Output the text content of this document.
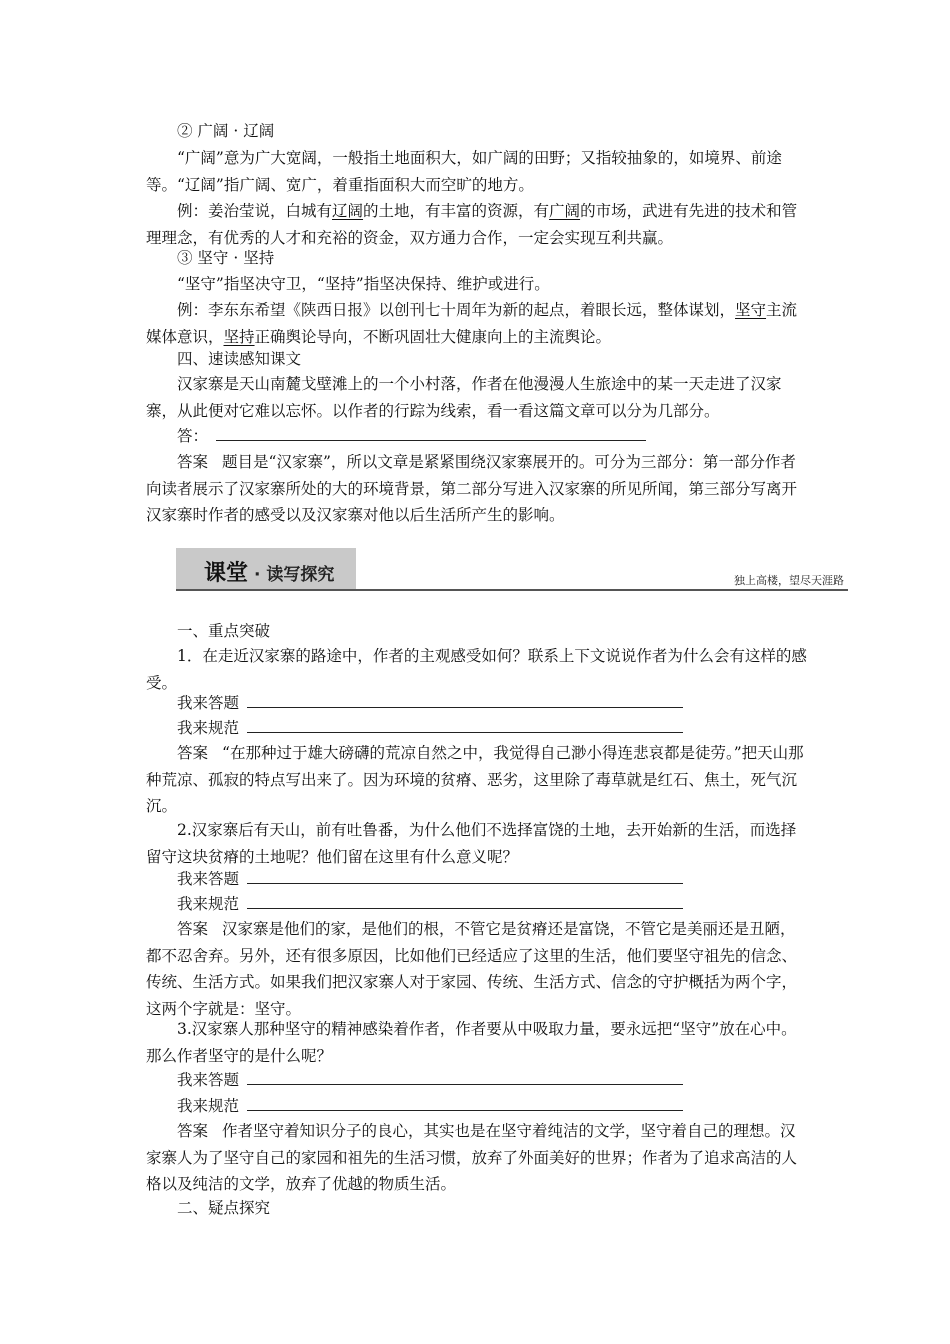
② 广阔 · 辽阔

“广阔”意为广大宽阔，一般指土地面积大，如广阔的田野；又指较抽象的，如境界、前途等。“辽阔”指广阔、宽广，着重指面积大而空旷的地方。

例：姜治莹说，白城有辽阔的土地，有丰富的资源，有广阔的市场，武进有先进的技术和管理理念，有优秀的人才和充裕的资金，双方通力合作，一定会实现互利共赢。

③ 坚守 · 坚持

“坚守”指坚决守卫，“坚持”指坚决保持、维护或进行。

例：李东东希望《陕西日报》以创刊七十周年为新的起点，着眼长远，整体谋划，坚守主流媒体意识，坚持正确舆论导向，不断巩固壮大健康向上的主流舆论。

四、速读感知课文

汉家寨是天山南麓戈壁滩上的一个小村落，作者在他漫漫人生旅途中的某一天走进了汉家寨，从此便对它难以忘怀。以作者的行踪为线索，看一看这篇文章可以分为几部分。

答：

答案 题目是“汉家寨”，所以文章是紧紧围绕汉家寨展开的。可分为三部分：第一部分作者向读者展示了汉家寨所处的大的环境背景，第二部分写进入汉家寨的所见所闻，第三部分写离开汉家寨时作者的感受以及汉家寨对他以后生活所产生的影响。

课堂 · 读写探究	独上高楼，望尽天涯路

一、重点突破

1．在走近汉家寨的路途中，作者的主观感受如何？联系上下文说说作者为什么会有这样的感受。

我来答题
我来规范

答案 “在那种过于雄大磅礴的荒凉自然之中，我觉得自己渺小得连悲哀都是徒劳。”把天山那种荒凉、孤寂的特点写出来了。因为环境的贫瘠、恶劣，这里除了毒草就是红石、焦土，死气沉沉。

2.汉家寨后有天山，前有吐鲁番，为什么他们不选择富饶的土地，去开始新的生活，而选择留守这块贫瘠的土地呢？他们留在这里有什么意义呢？

我来答题
我来规范

答案 汉家寨是他们的家，是他们的根，不管它是贫瘠还是富饶，不管它是美丽还是丑陋，都不忍舍弃。另外，还有很多原因，比如他们已经适应了这里的生活，他们要坚守祖先的信念、传统、生活方式。如果我们把汉家寨人对于家园、传统、生活方式、信念的守护概括为两个字，这两个字就是：坚守。

3.汉家寨人那种坚守的精神感染着作者，作者要从中吸取力量，要永远把“坚守”放在心中。那么作者坚守的是什么呢？

我来答题
我来规范

答案 作者坚守着知识分子的良心，其实也是在坚守着纯洁的文学，坚守着自己的理想。汉家寨人为了坚守自己的家园和祖先的生活习惯，放弃了外面美好的世界；作者为了追求高洁的人格以及纯洁的文学，放弃了优越的物质生活。

二、疑点探究
